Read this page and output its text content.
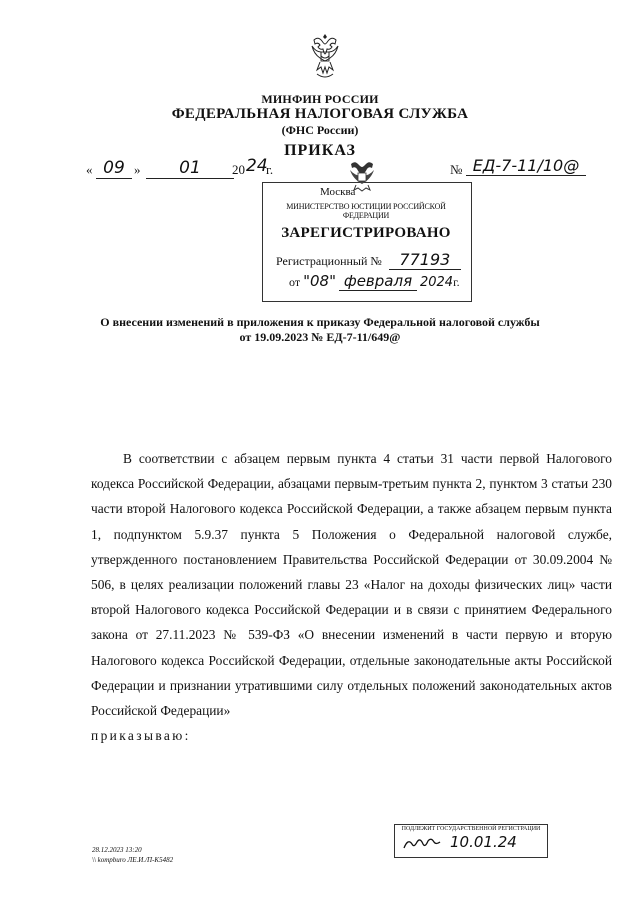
МИНФИН РОССИИ
ФЕДЕРАЛЬНАЯ НАЛОГОВАЯ СЛУЖБА
(ФНС России)
ПРИКАЗ
« 09 »	01	20 24
г.	№ ЕД-7-11/10@
Москва
МИНИСТЕРСТВО ЮСТИЦИИ РОССИЙСКОЙ ФЕДЕРАЦИИ
ЗАРЕГИСТРИРОВАНО
Регистрационный № 77193
от "08" февраля 2024г.
О внесении изменений в приложения к приказу Федеральной налоговой службы
от 19.09.2023 № ЕД-7-11/649@

В соответствии с абзацем первым пункта 4 статьи 31 части первой Налогового кодекса Российской Федерации, абзацами первым-третьим пункта 2, пунктом 3 статьи 230 части второй Налогового кодекса Российской Федерации, а также абзацем первым пункта 1, подпунктом 5.9.37 пункта 5 Положения о Федеральной налоговой службе, утвержденного постановлением Правительства Российской Федерации от 30.09.2004 № 506, в целях реализации положений главы 23 «Налог на доходы физических лиц» части второй Налогового кодекса Российской Федерации и в связи с принятием Федерального закона от 27.11.2023 № 539-ФЗ «О внесении изменений в части первую и вторую Налогового кодекса Российской Федерации, отдельные законодательные акты Российской Федерации и признании утратившими силу отдельных положений законодательных актов Российской Федерации»

приказываю:
28.12.2023 13:20
\\ kompburo ЛЕ.И./П-К5482
ПОДЛЕЖИТ ГОСУДАРСТВЕННОЙ РЕГИСТРАЦИИ
10.01.24
